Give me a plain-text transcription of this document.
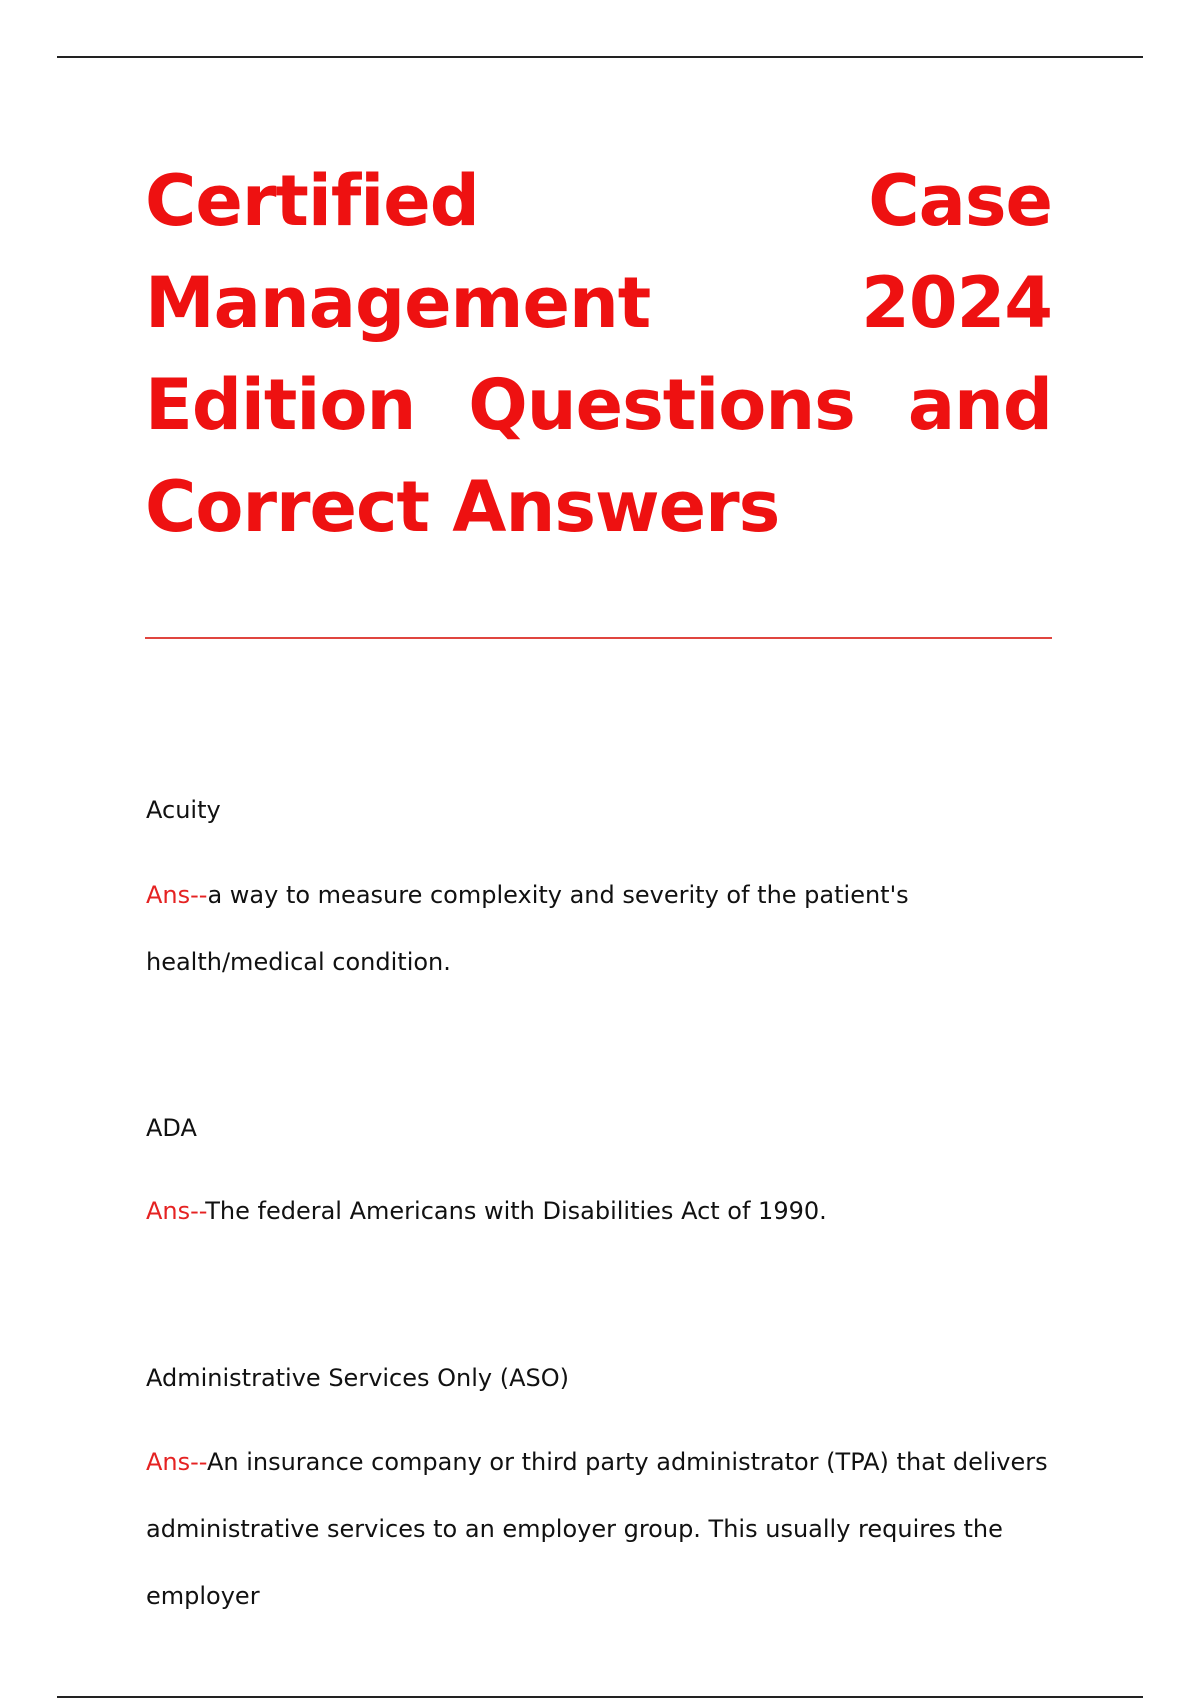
Certified Case Management 2024 Edition Questions and Correct Answers

Acuity

Ans--a way to measure complexity and severity of the patient's health/medical condition.

ADA

Ans--The federal Americans with Disabilities Act of 1990.

Administrative Services Only (ASO)

Ans--An insurance company or third party administrator (TPA) that delivers administrative services to an employer group. This usually requires the employer
